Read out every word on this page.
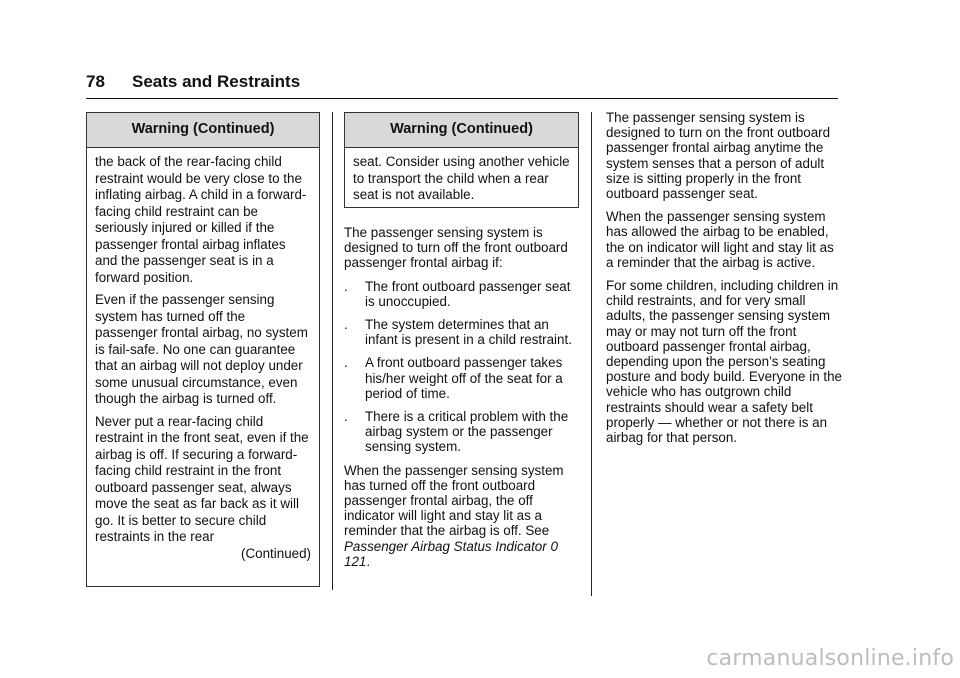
78 Seats and Restraints
Warning (Continued)

the back of the rear-facing child restraint would be very close to the inflating airbag. A child in a forward-facing child restraint can be seriously injured or killed if the passenger frontal airbag inflates and the passenger seat is in a forward position.

Even if the passenger sensing system has turned off the passenger frontal airbag, no system is fail-safe. No one can guarantee that an airbag will not deploy under some unusual circumstance, even though the airbag is turned off.

Never put a rear-facing child restraint in the front seat, even if the airbag is off. If securing a forward-facing child restraint in the front outboard passenger seat, always move the seat as far back as it will go. It is better to secure child restraints in the rear

(Continued)
Warning (Continued)

seat. Consider using another vehicle to transport the child when a rear seat is not available.

The passenger sensing system is designed to turn off the front outboard passenger frontal airbag if:

. The front outboard passenger seat is unoccupied.
. The system determines that an infant is present in a child restraint.
. A front outboard passenger takes his/her weight off of the seat for a period of time.
. There is a critical problem with the airbag system or the passenger sensing system.

When the passenger sensing system has turned off the front outboard passenger frontal airbag, the off indicator will light and stay lit as a reminder that the airbag is off. See Passenger Airbag Status Indicator 0 121.

The passenger sensing system is designed to turn on the front outboard passenger frontal airbag anytime the system senses that a person of adult size is sitting properly in the front outboard passenger seat.

When the passenger sensing system has allowed the airbag to be enabled, the on indicator will light and stay lit as a reminder that the airbag is active.

For some children, including children in child restraints, and for very small adults, the passenger sensing system may or may not turn off the front outboard passenger frontal airbag, depending upon the person’s seating posture and body build. Everyone in the vehicle who has outgrown child restraints should wear a safety belt properly — whether or not there is an airbag for that person.

carmanualsonline.info
